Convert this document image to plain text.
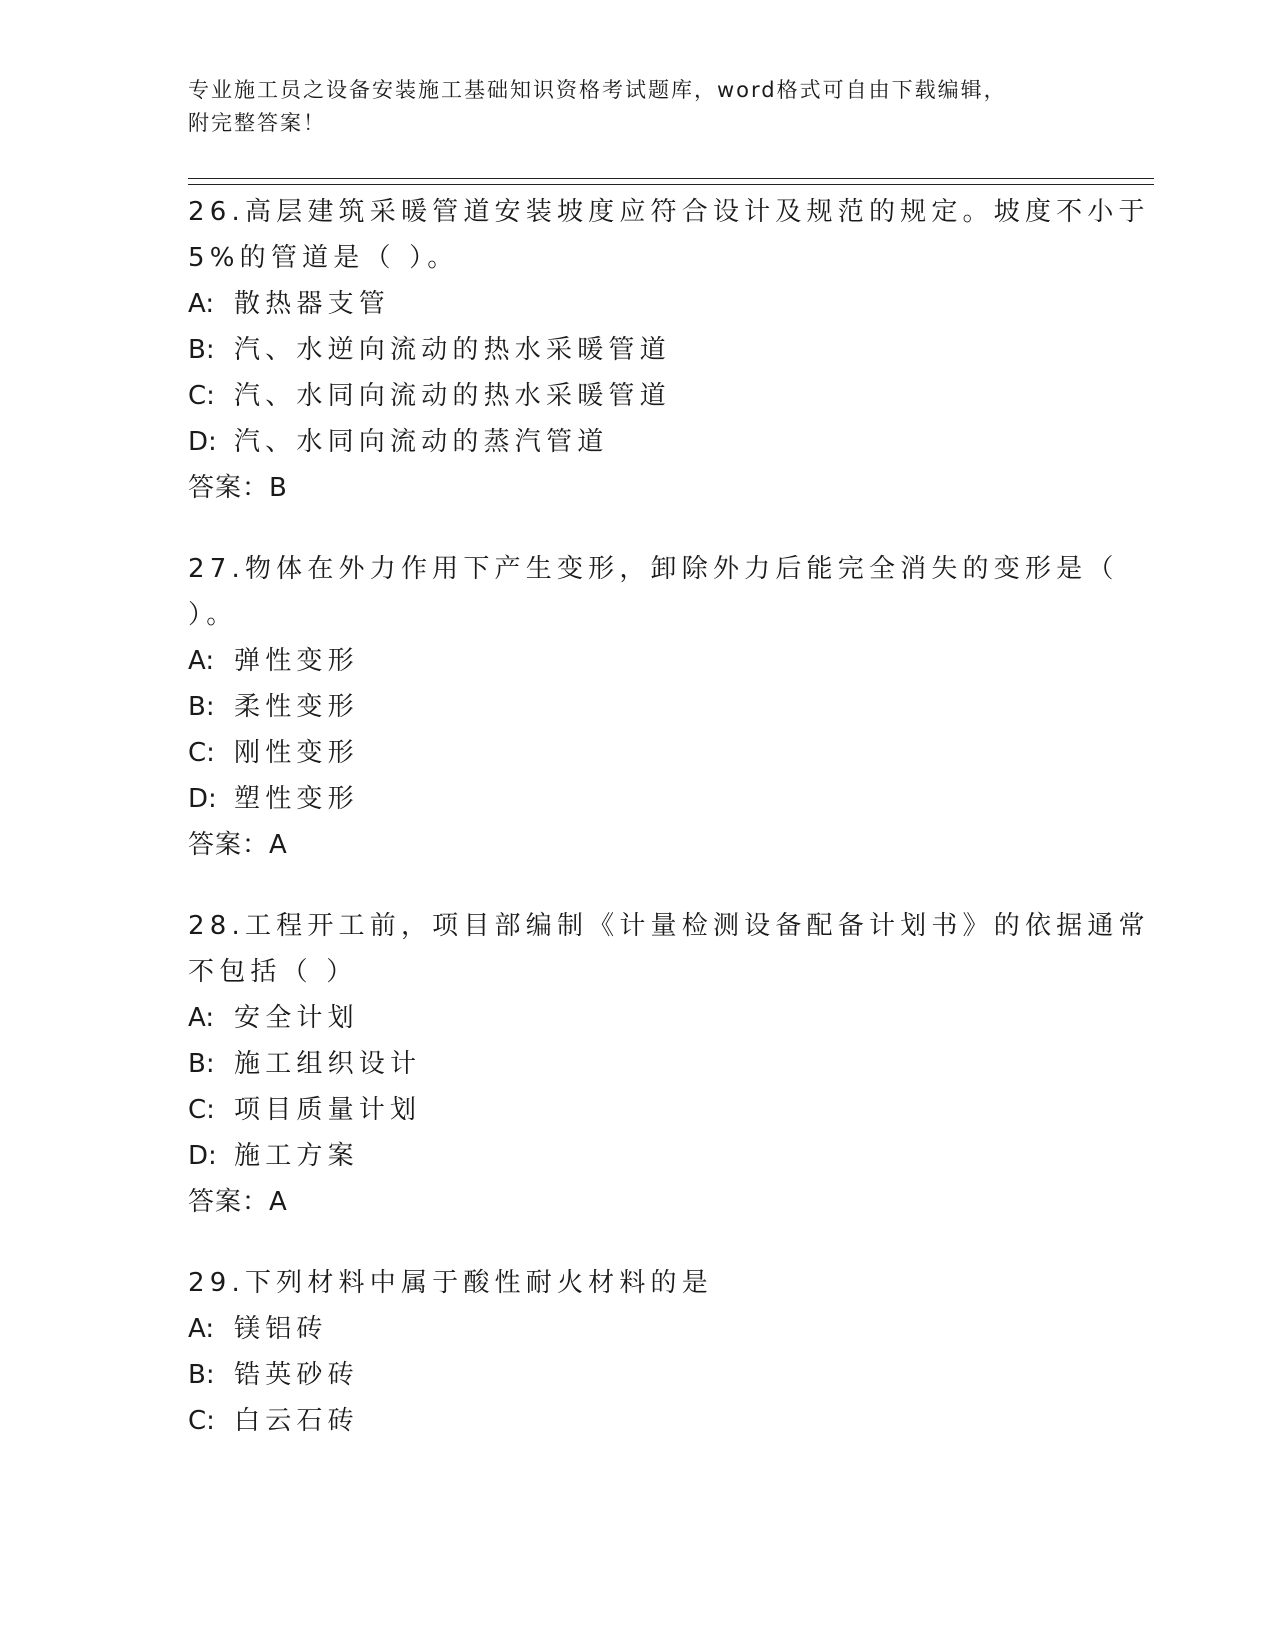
专业施工员之设备安装施工基础知识资格考试题库，word格式可自由下载编辑，
附完整答案！
26.高层建筑采暖管道安装坡度应符合设计及规范的规定。坡度不小于
5%的管道是（ ）。
A: 散热器支管
B: 汽、水逆向流动的热水采暖管道
C: 汽、水同向流动的热水采暖管道
D: 汽、水同向流动的蒸汽管道
答案：B
27.物体在外力作用下产生变形，卸除外力后能完全消失的变形是（
）。
A: 弹性变形
B: 柔性变形
C: 刚性变形
D: 塑性变形
答案：A
28.工程开工前，项目部编制《计量检测设备配备计划书》的依据通常
不包括（ ）
A: 安全计划
B: 施工组织设计
C: 项目质量计划
D: 施工方案
答案：A
29.下列材料中属于酸性耐火材料的是
A: 镁铝砖
B: 锆英砂砖
C: 白云石砖
